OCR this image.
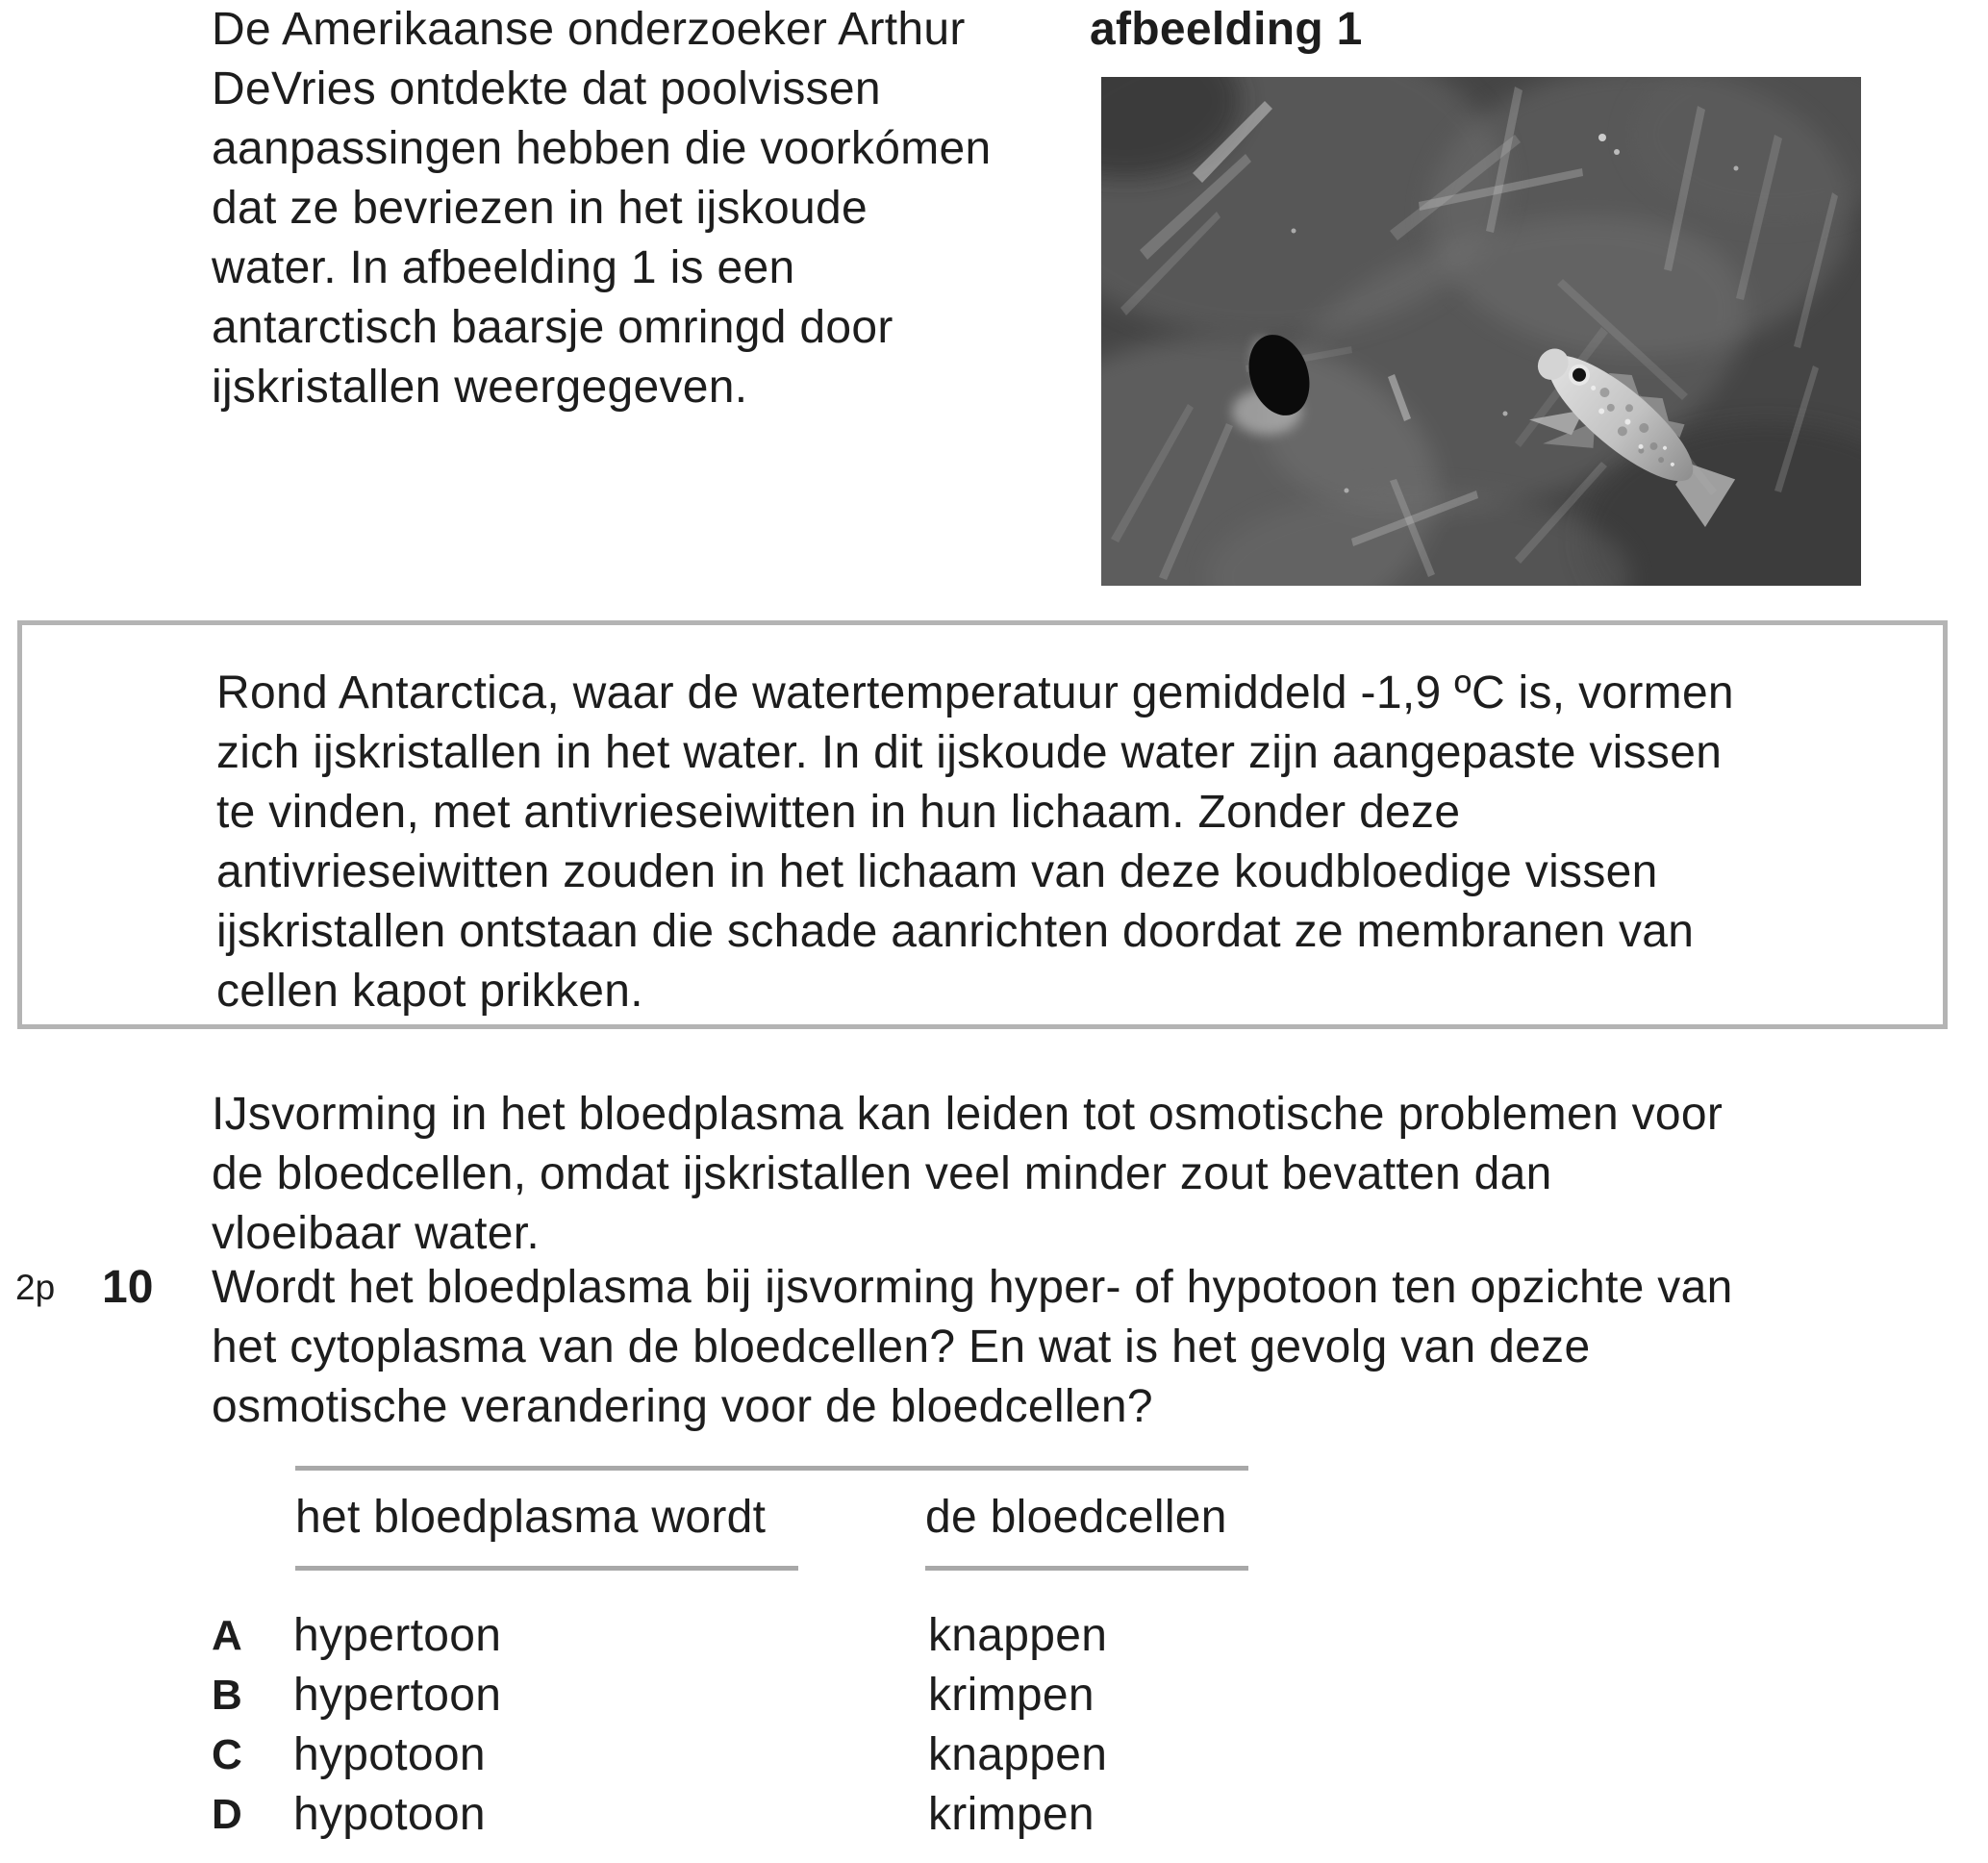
De Amerikaanse onderzoeker Arthur
DeVries ontdekte dat poolvissen
aanpassingen hebben die voorkómen
dat ze bevriezen in het ijskoude
water. In afbeelding 1 is een
antarctisch baarsje omringd door
ijskristallen weergegeven.
afbeelding 1
Rond Antarctica, waar de watertemperatuur gemiddeld -1,9 ºC is, vormen
zich ijskristallen in het water. In dit ijskoude water zijn aangepaste vissen
te vinden, met antivrieseiwitten in hun lichaam. Zonder deze
antivrieseiwitten zouden in het lichaam van deze koudbloedige vissen
ijskristallen ontstaan die schade aanrichten doordat ze membranen van
cellen kapot prikken.
IJsvorming in het bloedplasma kan leiden tot osmotische problemen voor
de bloedcellen, omdat ijskristallen veel minder zout bevatten dan
vloeibaar water.
2p 10 Wordt het bloedplasma bij ijsvorming hyper- of hypotoon ten opzichte van
het cytoplasma van de bloedcellen? En wat is het gevolg van deze
osmotische verandering voor de bloedcellen?
het bloedplasma wordt	de bloedcellen
A hypertoon	knappen
B hypertoon	krimpen
C hypotoon	knappen
D hypotoon	krimpen
